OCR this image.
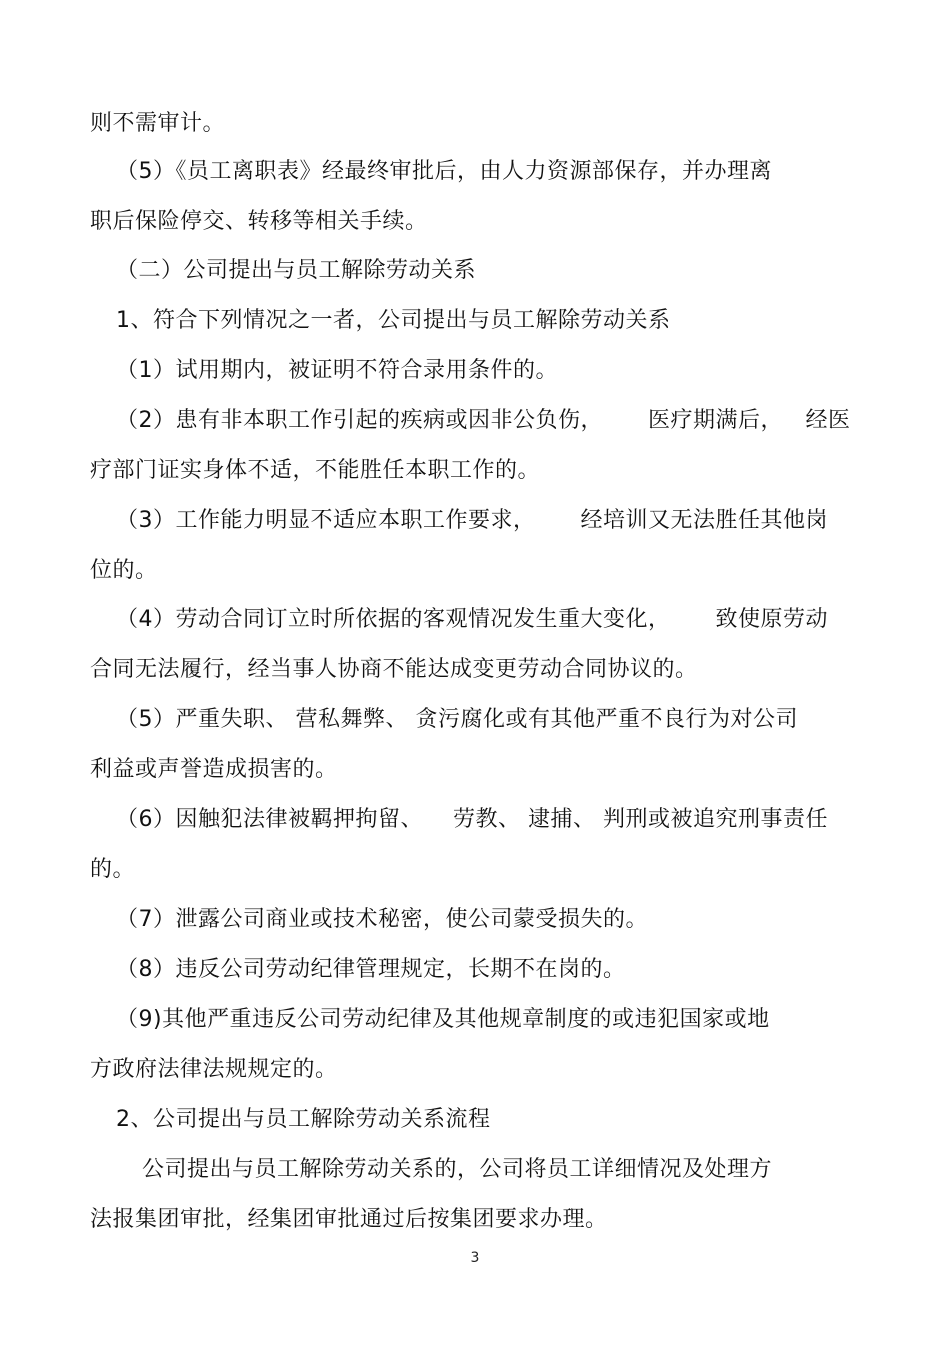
则不需审计。
（5）《员工离职表》经最终审批后，由人力资源部保存，并办理离
职后保险停交、转移等相关手续。
（二）公司提出与员工解除劳动关系
1、符合下列情况之一者，公司提出与员工解除劳动关系
（1）试用期内，被证明不符合录用条件的。
（2）患有非本职工作引起的疾病或因非公负伤，      医疗期满后，   经医
疗部门证实身体不适，不能胜任本职工作的。
（3）工作能力明显不适应本职工作要求，      经培训又无法胜任其他岗
位的。
（4）劳动合同订立时所依据的客观情况发生重大变化，      致使原劳动
合同无法履行，经当事人协商不能达成变更劳动合同协议的。
（5）严重失职、 营私舞弊、 贪污腐化或有其他严重不良行为对公司
利益或声誉造成损害的。
（6）因触犯法律被羁押拘留、    劳教、 逮捕、 判刑或被追究刑事责任
的。
（7）泄露公司商业或技术秘密，使公司蒙受损失的。
（8）违反公司劳动纪律管理规定，长期不在岗的。
（9)其他严重违反公司劳动纪律及其他规章制度的或违犯国家或地
方政府法律法规规定的。
2、公司提出与员工解除劳动关系流程
公司提出与员工解除劳动关系的，公司将员工详细情况及处理方
法报集团审批，经集团审批通过后按集团要求办理。
3
